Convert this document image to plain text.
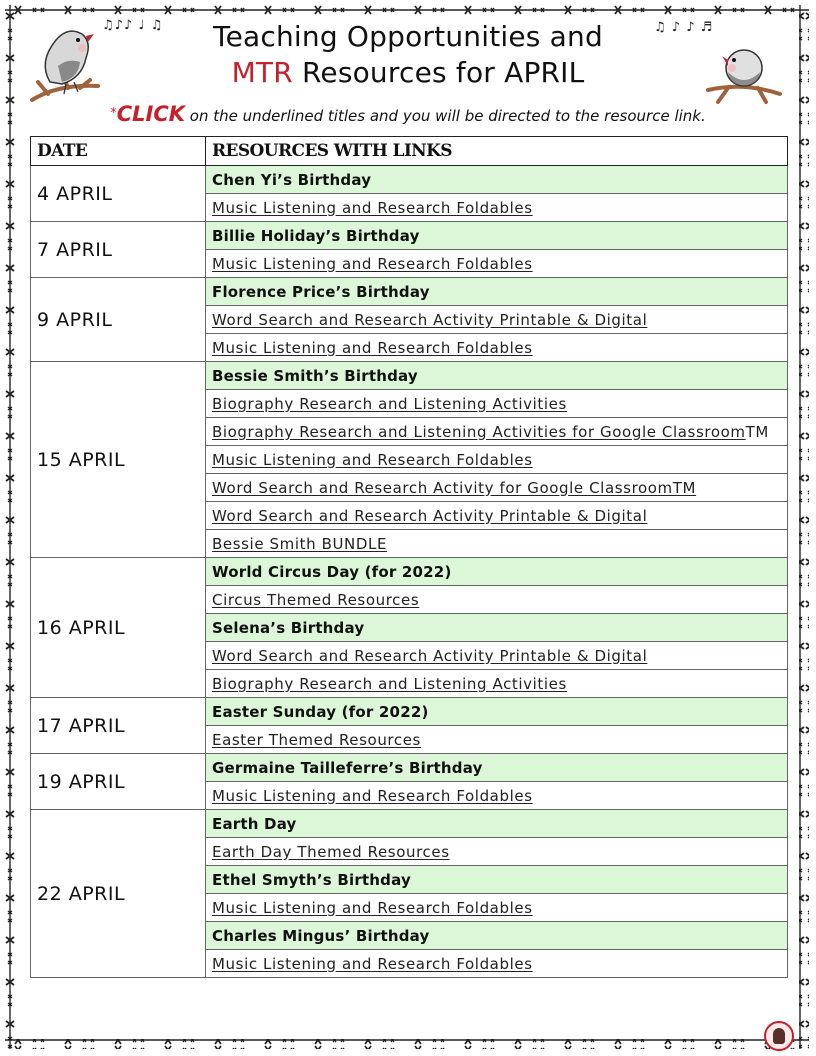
♫♪♪ ♩ ♫	♫ ♪ ♪ ♬
Teaching Opportunities and
MTR Resources for APRIL
*CLICK on the underlined titles and you will be directed to the resource link.
DATE	RESOURCES WITH LINKS
4 APRIL	Chen Yi’s Birthday
	Music Listening and Research Foldables
7 APRIL	Billie Holiday’s Birthday
	Music Listening and Research Foldables
9 APRIL	Florence Price’s Birthday
	Word Search and Research Activity Printable & Digital
	Music Listening and Research Foldables
15 APRIL	Bessie Smith’s Birthday
	Biography Research and Listening Activities
	Biography Research and Listening Activities for Google ClassroomTM
	Music Listening and Research Foldables
	Word Search and Research Activity for Google ClassroomTM
	Word Search and Research Activity Printable & Digital
	Bessie Smith BUNDLE
16 APRIL	World Circus Day (for 2022)
	Circus Themed Resources
	Selena’s Birthday
	Word Search and Research Activity Printable & Digital
	Biography Research and Listening Activities
17 APRIL	Easter Sunday (for 2022)
	Easter Themed Resources
19 APRIL	Germaine Tailleferre’s Birthday
	Music Listening and Research Foldables
22 APRIL	Earth Day
	Earth Day Themed Resources
	Ethel Smyth’s Birthday
	Music Listening and Research Foldables
	Charles Mingus’ Birthday
	Music Listening and Research Foldables
